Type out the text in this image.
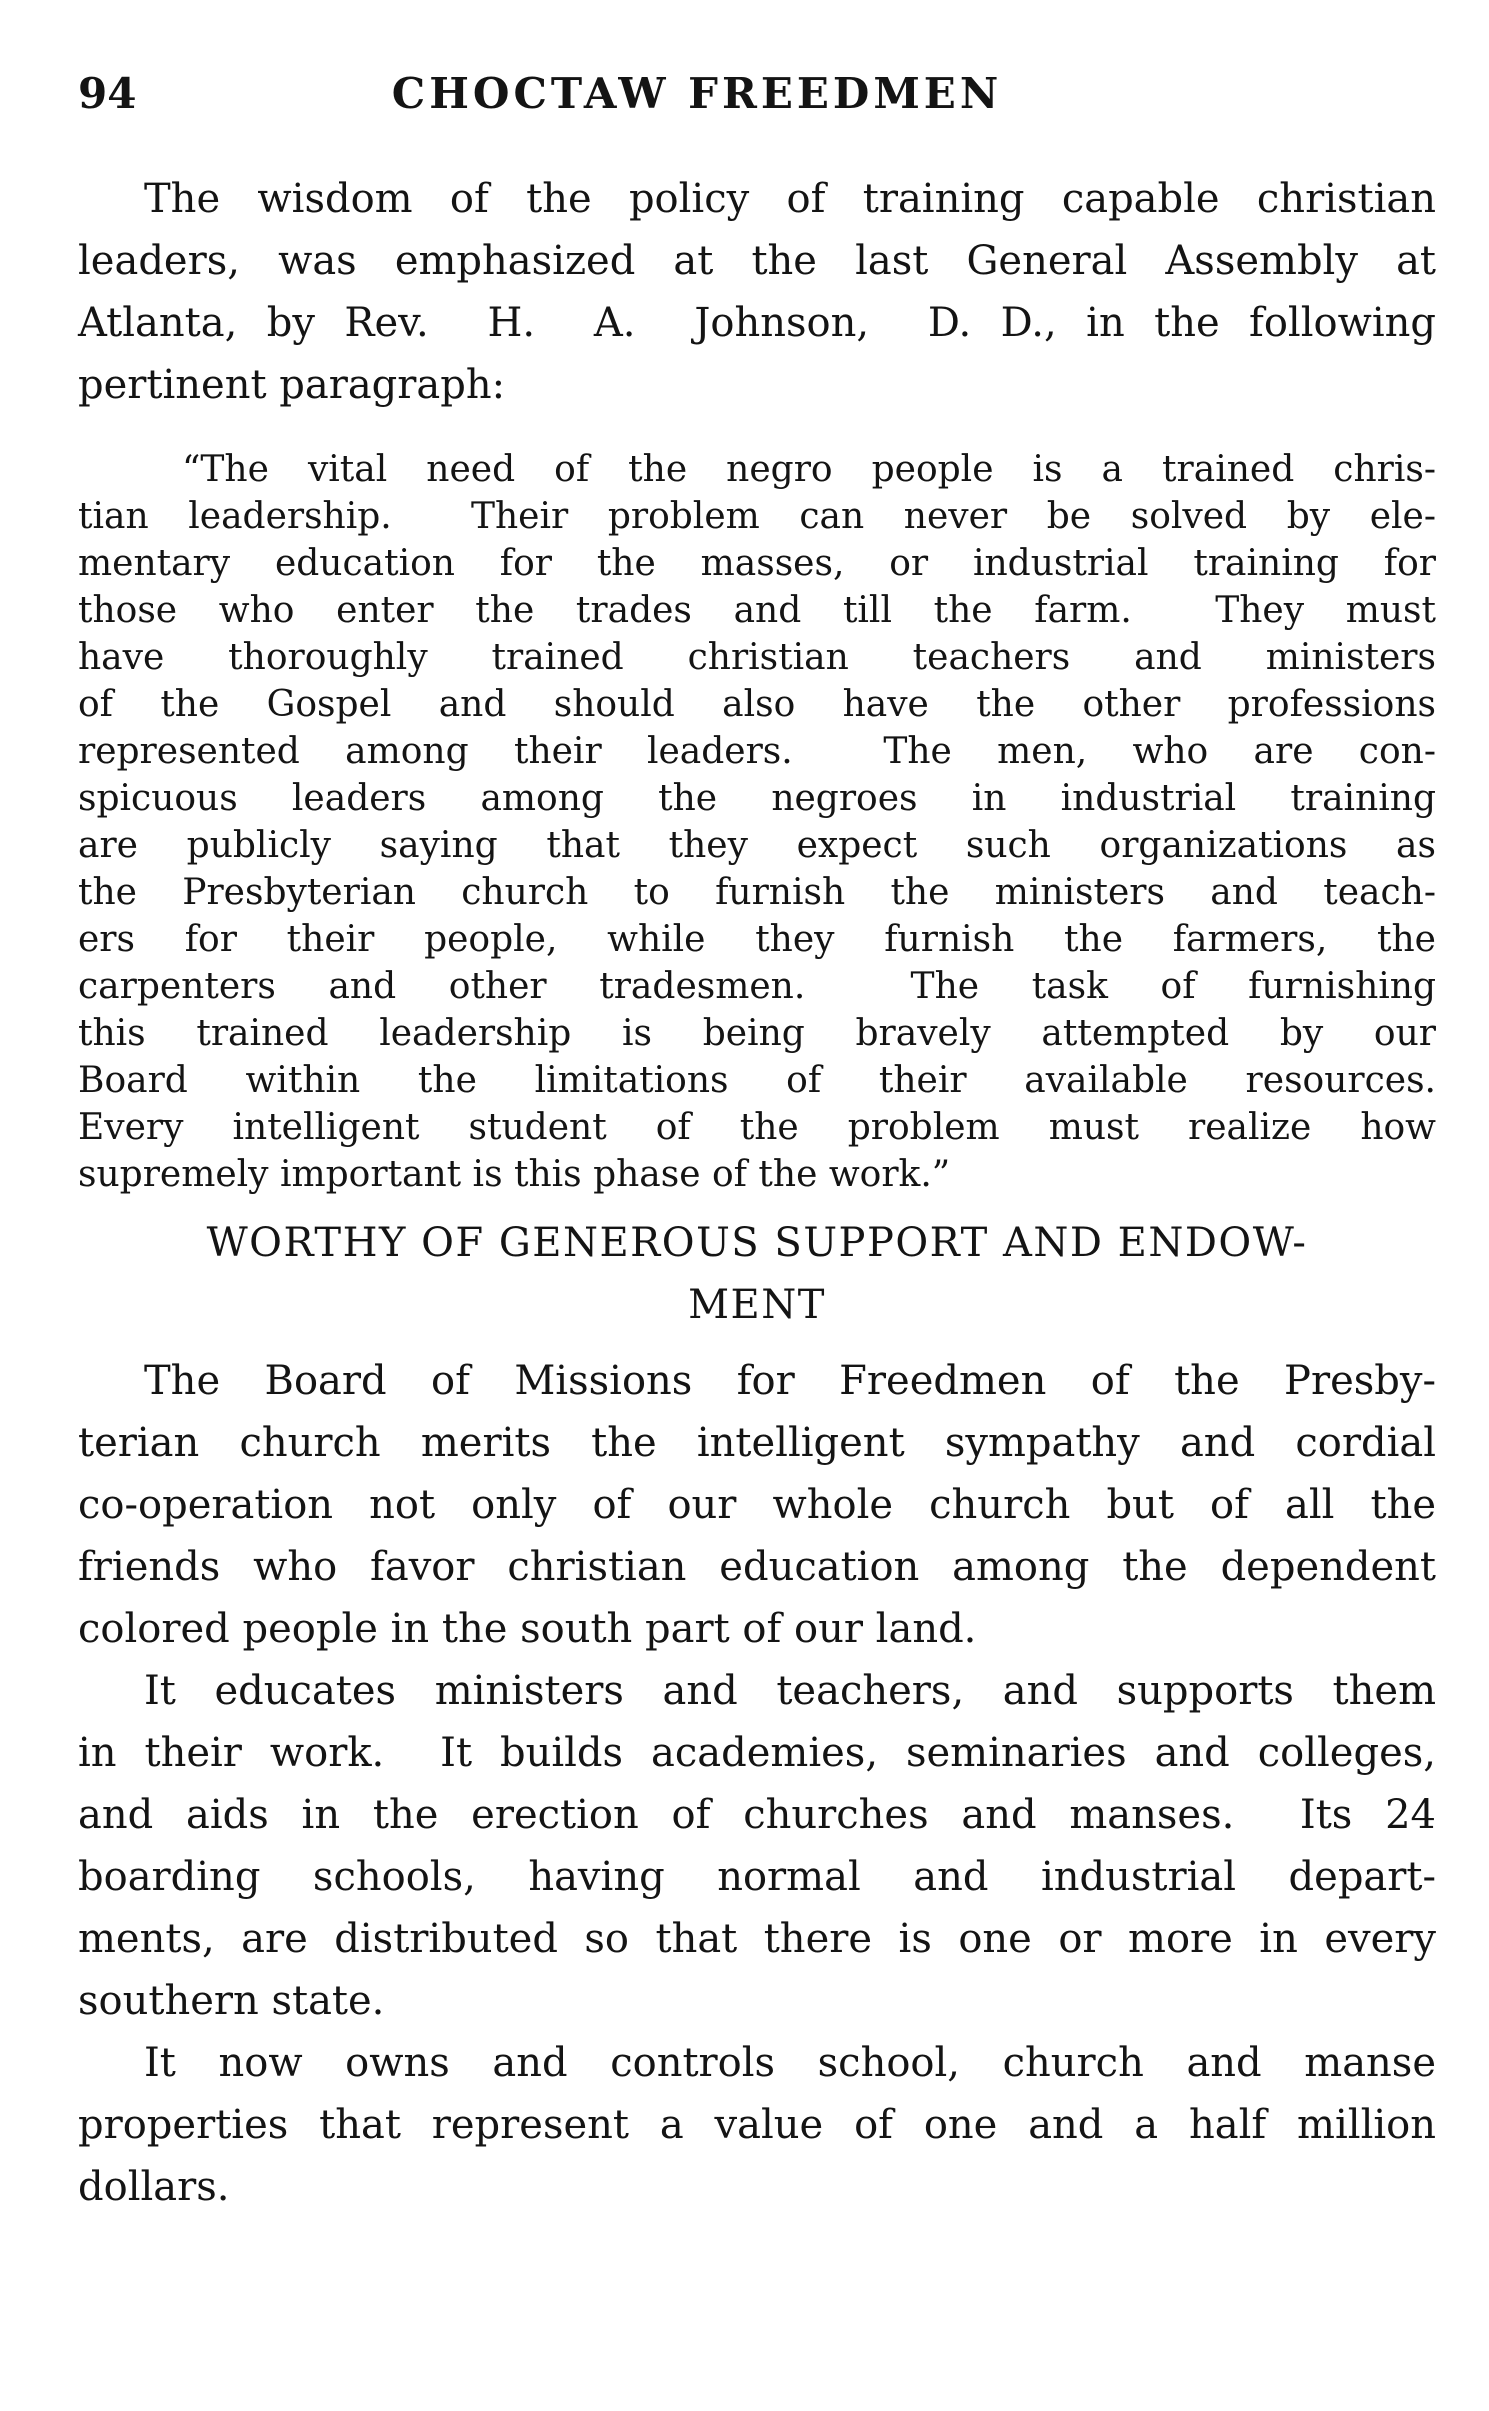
94	CHOCTAW FREEDMEN
The wisdom of the policy of training capable christian
leaders, was emphasized at the last General Assembly at
Atlanta, by Rev.  H.  A.  Johnson,  D. D., in the following
pertinent paragraph:
“The vital need of the negro people is a trained chris-
tian leadership.  Their problem can never be solved by ele-
mentary education for the masses, or industrial training for
those who enter the trades and till the farm.  They must
have thoroughly trained christian teachers and ministers
of the Gospel and should also have the other professions
represented among their leaders.  The men, who are con-
spicuous leaders among the negroes in industrial training
are publicly saying that they expect such organizations as
the Presbyterian church to furnish the ministers and teach-
ers for their people, while they furnish the farmers, the
carpenters and other tradesmen.  The task of furnishing
this trained leadership is being bravely attempted by our
Board within the limitations of their available resources.
Every intelligent student of the problem must realize how
supremely important is this phase of the work.”
WORTHY OF GENEROUS SUPPORT AND ENDOW-
MENT
The Board of Missions for Freedmen of the Presby-
terian church merits the intelligent sympathy and cordial
co-operation not only of our whole church but of all the
friends who favor christian education among the dependent
colored people in the south part of our land.
It educates ministers and teachers, and supports them
in their work.  It builds academies, seminaries and colleges,
and aids in the erection of churches and manses.  Its 24
boarding schools, having normal and industrial depart-
ments, are distributed so that there is one or more in every
southern state.
It now owns and controls school, church and manse
properties that represent a value of one and a half million
dollars.
